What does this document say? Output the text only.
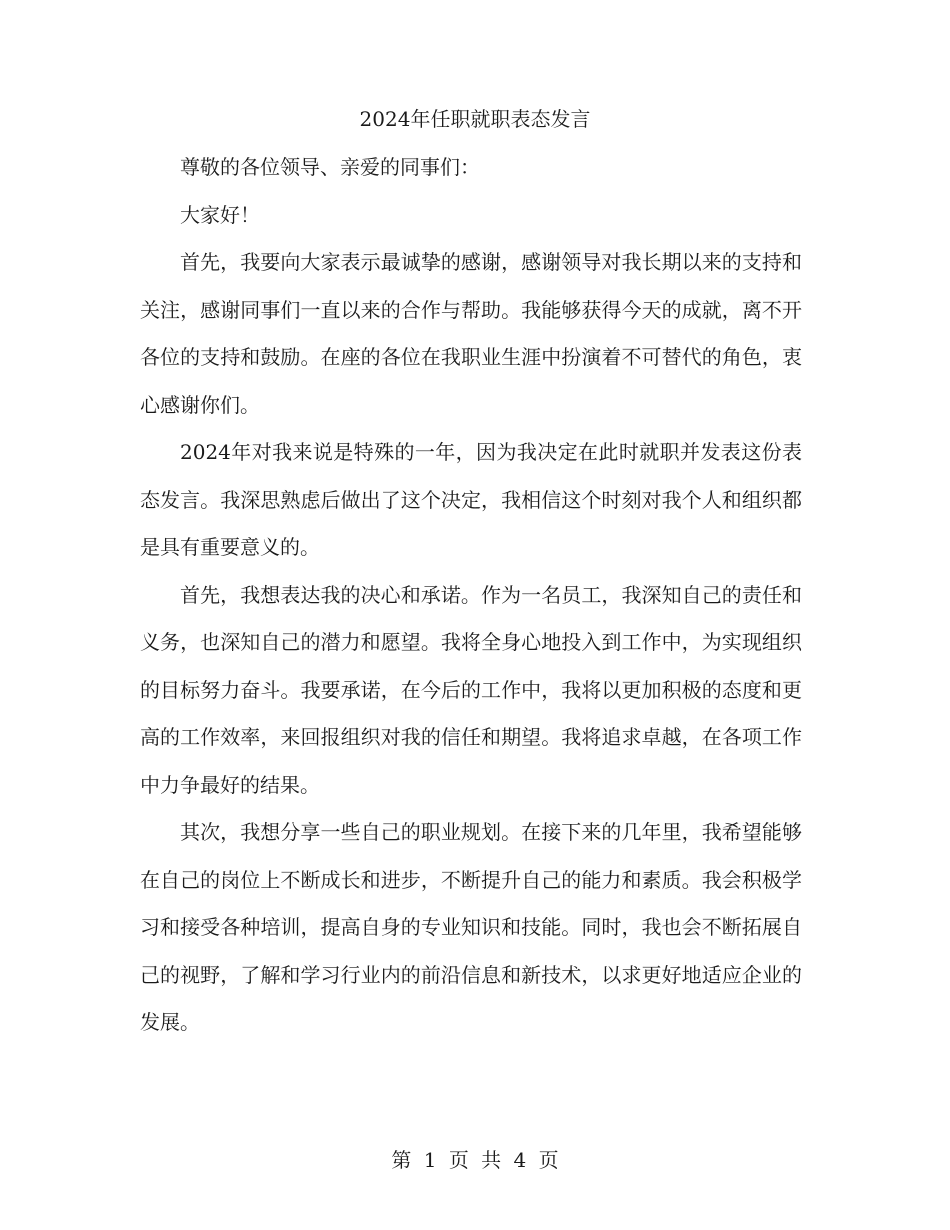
2024年任职就职表态发言

尊敬的各位领导、亲爱的同事们：

大家好！

首先，我要向大家表示最诚挚的感谢，感谢领导对我长期以来的支持和关注，感谢同事们一直以来的合作与帮助。我能够获得今天的成就，离不开各位的支持和鼓励。在座的各位在我职业生涯中扮演着不可替代的角色，衷心感谢你们。

2024年对我来说是特殊的一年，因为我决定在此时就职并发表这份表态发言。我深思熟虑后做出了这个决定，我相信这个时刻对我个人和组织都是具有重要意义的。

首先，我想表达我的决心和承诺。作为一名员工，我深知自己的责任和义务，也深知自己的潜力和愿望。我将全身心地投入到工作中，为实现组织的目标努力奋斗。我要承诺，在今后的工作中，我将以更加积极的态度和更高的工作效率，来回报组织对我的信任和期望。我将追求卓越，在各项工作中力争最好的结果。

其次，我想分享一些自己的职业规划。在接下来的几年里，我希望能够在自己的岗位上不断成长和进步，不断提升自己的能力和素质。我会积极学习和接受各种培训，提高自身的专业知识和技能。同时，我也会不断拓展自己的视野，了解和学习行业内的前沿信息和新技术，以求更好地适应企业的发展。

第 1 页 共 4 页
